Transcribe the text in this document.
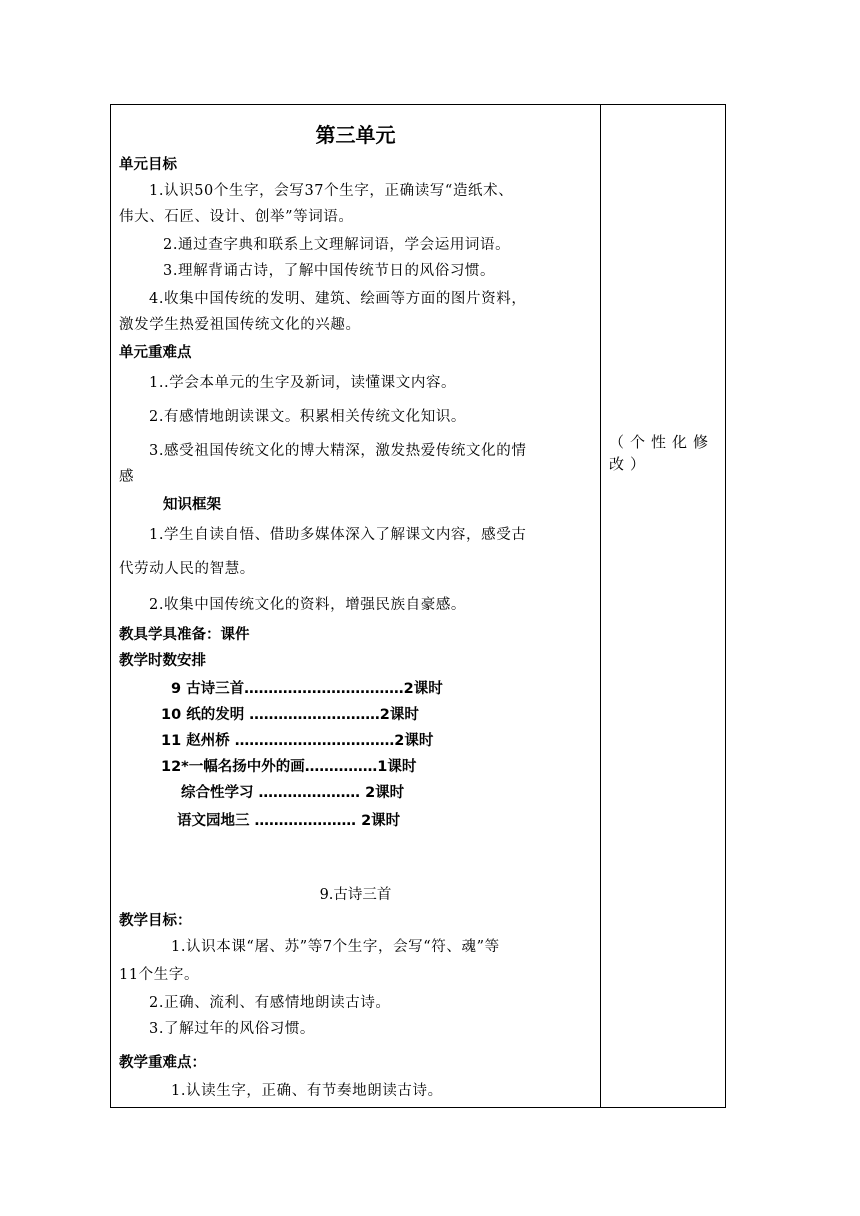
第三单元
单元目标
1.认识50个生字，会写37个生字，正确读写“造纸术、
伟大、石匠、设计、创举”等词语。
2.通过查字典和联系上文理解词语，学会运用词语。
3.理解背诵古诗，了解中国传统节日的风俗习惯。
4.收集中国传统的发明、建筑、绘画等方面的图片资料，
激发学生热爱祖国传统文化的兴趣。
单元重难点
1..学会本单元的生字及新词，读懂课文内容。
2.有感情地朗读课文。积累相关传统文化知识。
3.感受祖国传统文化的博大精深，激发热爱传统文化的情
感
知识框架
1.学生自读自悟、借助多媒体深入了解课文内容，感受古
代劳动人民的智慧。
2.收集中国传统文化的资料，增强民族自豪感。
教具学具准备：课件
教学时数安排
9 古诗三首……………………………2课时
10 纸的发明 ………………………2课时
11 赵州桥 ……………………………2课时
12*一幅名扬中外的画……………1课时
综合性学习 ………………… 2课时
语文园地三 ………………… 2课时
9.古诗三首
教学目标：
1.认识本课“屠、苏”等7个生字，会写“符、魂”等
11个生字。
2.正确、流利、有感情地朗读古诗。
3.了解过年的风俗习惯。
教学重难点：
1.认读生字，正确、有节奏地朗读古诗。
（个性化修改）
